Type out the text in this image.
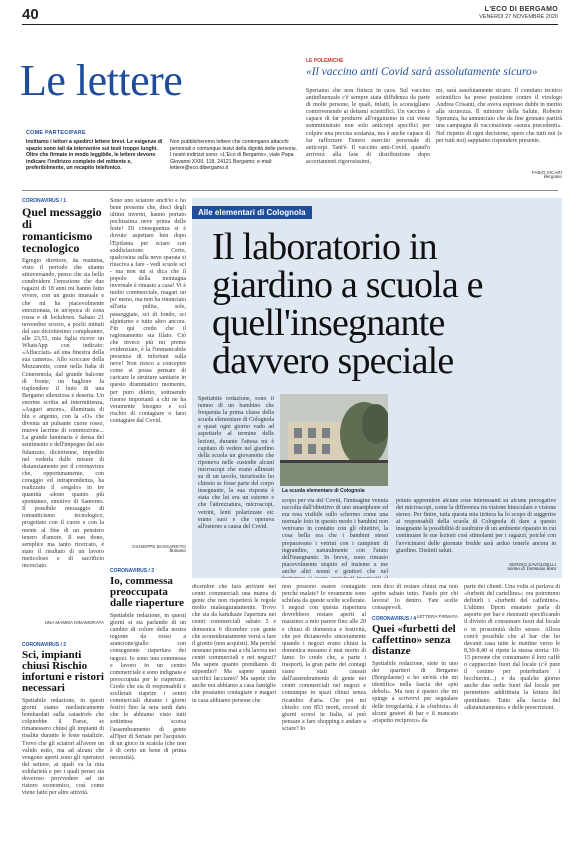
40	L'ECO DI BERGAMO
VENERDÌ 27 NOVEMBRE 2020
Le lettere
COME PARTECIPARE
Invitiamo i lettori a spedirci lettere brevi. Le esigenze di spazio sono tali da intervenire sui testi troppo lunghi. Oltre che firmate in modo leggibile, le lettere devono indicare l'indirizzo completo del mittente e, preferibilmente, un recapito telefonico.
Non pubblicheremo lettere che contengano attacchi personali o comunque lesivi della dignità delle persone. I nostri indirizzi sono: «L'Eco di Bergamo», viale Papa Giovanni XXIII, 118, 24121 Bergamo; e-mail: lettere@eco.dibergamo.it
LE POLEMICHE
«Il vaccino anti Covid sarà assolutamente sicuro»
Speriamo che non finisca in caos. Sul vaccino antinfluenzale c'è sempre stata diffidenza da parte di molte persone, le quali, infatti, lo sconsigliano controvenendo ai dettami scientifici. Un vaccino è capace di far produrre all'organismo in cui viene somministrato non solo anticorpi specifici per colpire una precisa sostanza, ma è anche capace di far rafforzare l'intero esercito personale di anticorpi. Tant'è. Il vaccino anti-Covid, quand'o arriverà alla fase di distribuzione dopo accertamenti rigorosissimi,
mi, sarà assolutamente sicuro. Il comitato tecnico scientifico ha preso posizione contro il virologo Andrea Crisanti, che aveva espresso dubbi in merito alla sicurezza. Il ministro della Salute, Roberto Speranza, ha annunciato che da fine gennaio partirà una campagna di vaccinazione «senza precedenti». Nel rispetto di ogni decisione, spero che tutti noi (e per tutti noi) sappiamo rispondere presente.
FABIO SICARI
Bergamo
CORONAVIRUS / 1
Quel messaggio di romanticismo tecnologico
Egregio direttore, da mamma, visto il periodo che stiamo attraversando, penso che sia bello condividere l'emozione che due ragazzi di 18 anni mi hanno fatto vivere, con un gesto inusuale e che mi ha piacevolmente emozionata, in un'epoca di zona rossa e di lockdown. Sabato 21 novembre scorso, a pochi minuti dal suo diciottesimo compleanno, alle 23,55, mia figlia riceve un WhatsApp con indicato: «Affacciati» ad una finestra della sua camera». Allo scoccare della Mezzanotte, come nella fiaba di Cenerentola, dal grande balcone di fronte, un bagliore fa risplendere il buio di una Bergamo silenziosa e deserta. Un enorme scritta ad intermittenza, «Auguri amore», illuminata di blu e argento, con la «O» che diventa un pulsante cuore rosso, muove lacrime di commozione... La grande luminaria è densa del sentimento e dell'impegno del suo fidanzato, diciottenne, impedito nel vederla dalle misure di distanziamento per il coronavirus che, opportunamente, con coraggio ed intraprendenza, ha realizzato il «regalo» in tre quantità «dono quanto più spontaneo, emotivo di Sanremo. Il possibile messaggio di romanticismo tecnologico, progettato con il cuore e con la mente al fine di un pensiero tenero d'amore. Il suo dono, semplice ma tanto ricercato, è stato il risultato di un lavoro meticoloso e di sacrificio incrociato.
UNA MAMMA INNAMORATA
CORONAVIRUS / 2
Sci, impianti chiusi Rischio infortuni e ristori necessari
Spettabile redazione, in questi giorni siamo mediaticamente bombardati sulla catastrofe che colpirebbe il Paese, se rimanessero chiusi gli impianti di risalita durante le feste natalizie. Trovo che gli sciatori all'avere un valido esito, ma ad alcuni che vengono aperti sono gli operatori del settore, ai quali va la mia solidarietà e per i quali penso sia doveroso provvedere ad un ristoro economico, così come viene fatto per altre attività.
Sono uno sciatore anch'io e ho bene presente che, dieci degli ultimi inverni, hanno portato pochissima neve prima delle feste! Di conseguenza si è dovuto aspettare ben dopo l'Epifania per sciare con soddisfazione. Certo, qualcosina sulla neve sparata si riusciva a fare - vedi scuole sci - ma non mi si dica che il popolo della montagna invernale è rimasto a casa! Vi è molto commerciale, magari un po' meno, ma non ha rinunciato all'aria pulita, sole, passeggiate, sci di fondo, sci alpinismo e tutto altro ancora. Fin qui credo che il ragionamento sia filato. Ciò che invece più mi preme evidenziare, è la l'immancabile presenza di infortuni sulla neve! Non riesco a concepire come si possa pensare di caricare le strutture sanitarie in questo drammatico momento, per puro diletto, sottraendo risorse importanti a chi ne ha veramente bisogno e col rischio di contagiare o farsi contagiare dal Covid.
GIUSEPPE BASSAREITO
Romano
CORONAVIRUS / 3
Io, commessa preoccupata dalle riaperture
Spettabile redazione, in questi giorni si sta parlando di un cambio di colore della nostra regione da rosso a arancione/giallo con conseguente riapertura dei negozi. Io sono una commessa e lavoro in un centro commerciale e sono indignata e preoccupata per le riaperture. Credo che sia di responsabili e scellerati riaprire i centri commerciali durante i giorni festivi fino la sera tardi dato che lo abbiamo visto tutti sottintesa scorsa l'assembramento di gente all'Iper di Seriate per l'acquisto di un gioco in scatola (che non è di certo un bene di prima necessità).
Alle elementari di Colognola
Il laboratorio in giardino a scuola e quell'insegnante davvero speciale
Spettabile redazione, sono il nonno di un bambino che frequenta la prima classe della scuola elementare di Colognola e quasi ogni giorno vado ad aspettarlo al termine delle lezioni, durante l'attesa mi è capitato di vedere nel giardino della scuola un giovanotto che riponeva nelle custodie alcuni microscopi che erano allineati su di un tavolo, incuriosito ho chiesto se fosse parte del corpo insegnante, la sua risposta è stata che lui era un esterno e che l'attrezzatura, microscopi, vetrini, lenti polarizzate etc erano suoi e che operava all'esterno a causa del Covid.
La scuola elementare di Colognola
scopo per via del Covid, l'immagine venuta raccolta dall'obiettivo di uno smartphone ed era resa visibile sullo schermo come una normale foto in questo modo i bambini non venivano in contatto con gli obiettivi, la cosa bella era che i bambini stessi preparavano i vetrini con i campioni di ingrandire, naturalmente con l'aiuto dell'insegnante. In breve, sono rimasto piacevolmente stupito ed insieme a me anche altri nonni e genitori che nel
potuto apprendere alcune cose interessanti su alcune prerogative dei microscopi, come la differenza tra visione binoculare e visione stereo. Per finire, tutta questa mia tiritera ha lo scopo di suggerire ai responsabili della scuola di Colognola di dare a questo insegnante la possibilità di usufruire di un ambiente riparato in cui continuare le sue lezioni così stimolanti per i ragazzi, poiché con l'avvicinarsi delle giornate fredde sarà arduo tenerle ancora in giardino. Distinti saluti.
SERGIO SAVOLDELLI
nonno di Tommaso Rota
dicembre che farà arrivare nei centri commerciali una marea di gente che non rispetterà le regole molto malauguratamente. Trovo che sia da kamikaze l'apertura nei centri commerciali sabato 5 e domenica 6 dicembre con gente che sconsideratamente verrà a fare il giretto (non acquisti). Ma perché nessuno pensa mai a chi lavora nei centri commerciali e nei negozi? Ma sapete quanto prendiamo di stipendio? Ma sapete quanti sacrifici facciamo? Ma sapete che anche noi abbiamo a casa famiglie che possiamo contagiare e magari in casa abbiamo persone che
non possono essere contagiate perché malate? Io veramente sono schifata da queste scelte scellerate. I negozi con questa riapertura dovrebbero restare aperti al massimo a mio parere fino alle 20 e chiusi di domenica e festività, che poi dicianovelo sinceramente quando i negozi erano chiusi la domenica nessuno è mai morto di fame. Io credo che, a parte i trasporti, la gran parte dei contagi siano stati causati dall'assembramento di gente nei centri commerciali nei negozi e comunque in spazi chiusi senza ricambio d'aria. Che poi mi chiedo: con 853 morti, record di giorni scorsi in Italia, si può pensare a fare shopping e andare a sciare? Io
non dico di restare chiusi ma non aprire sabato tutto. Fatelo per chi lavora! Io dentro. Fate scelte consapevoli.
LETTERA FIRMATA
CORONAVIRUS / 4
Quei «furbetti del caffettino» senza distanze
Spettabile redazione, siete in uno dei quartieri di Bergamo (Borgolaone) e ho un'età che mi identifica nella fascia dei «più deboli». Ma non è questo che mi spinge a scrivervi per segnalare delle irregolarità, è la «furbizia» di alcuni gestori di bar e il mancato «rispetto reciproco» da
parte dei clienti. Una volta si parlava di «furbetti del cartellino»; ora potremmo definirli i «furbetti del caffettino». L'ultimo Dpcm emanato parla di asporto per bar e ristoranti specificando il divieto di consumare fuori dal locale o in prossimità dello stesso. Allora com'è possibile che al bar che ho davanti casa tutte le mattine verso le 8,30-8,40 si ripete la stessa storia: 10-15 persone che consumano il loro caffè o cappuccino fuori dal locale (c'è pure il cestino per poterbuttare i bicchierini...) e da qualche giorno anche due sedie fuori dal locale per permettere addirittura la lettura del quotidiano. Tutto alla faccia del «distanziamento» e delle prescrizioni.
